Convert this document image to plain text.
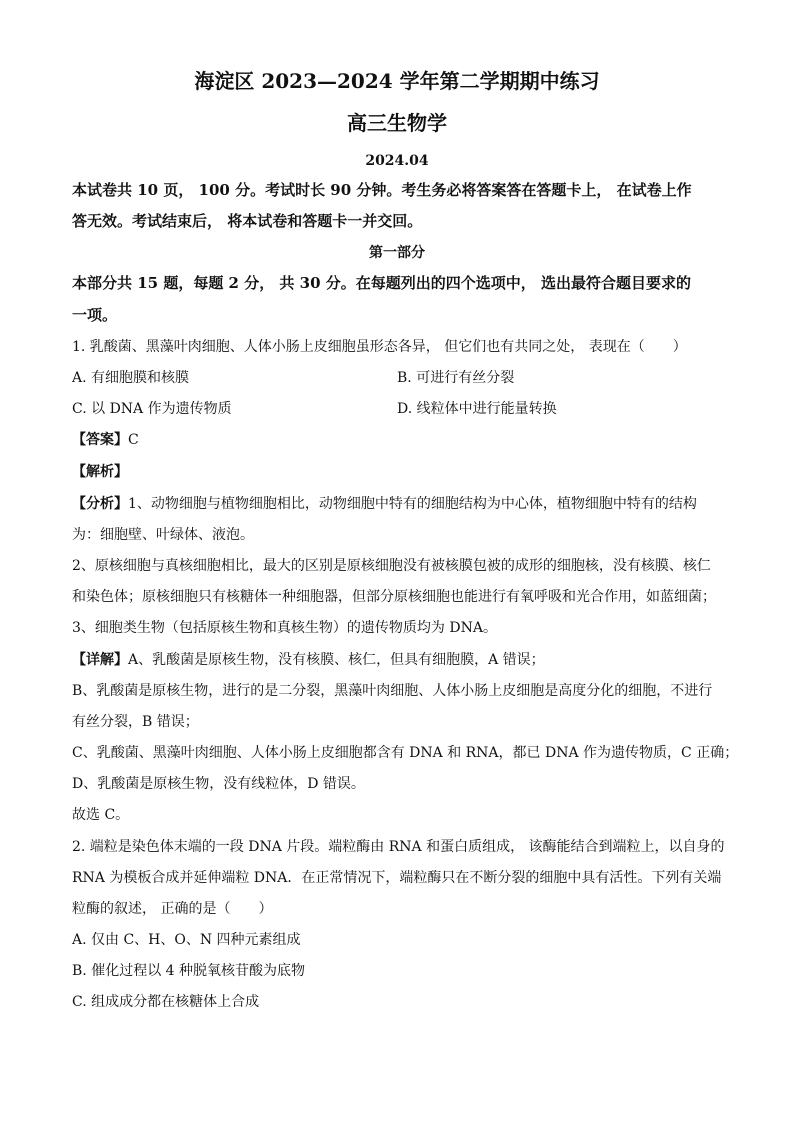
海淀区 2023—2024 学年第二学期期中练习
高三生物学
2024.04
本试卷共 10 页， 100 分。考试时长 90 分钟。考生务必将答案答在答题卡上， 在试卷上作
答无效。考试结束后， 将本试卷和答题卡一并交回。
第一部分
本部分共 15 题，每题 2 分， 共 30 分。在每题列出的四个选项中， 选出最符合题目要求的
一项。
1. 乳酸菌、黑藻叶肉细胞、人体小肠上皮细胞虽形态各异， 但它们也有共同之处， 表现在（　　）
A. 有细胞膜和核膜	B. 可进行有丝分裂
C. 以 DNA 作为遗传物质	D. 线粒体中进行能量转换
【答案】C
【解析】
【分析】1、动物细胞与植物细胞相比，动物细胞中特有的细胞结构为中心体，植物细胞中特有的结构
为：细胞壁、叶绿体、液泡。
2、原核细胞与真核细胞相比，最大的区别是原核细胞没有被核膜包被的成形的细胞核，没有核膜、核仁
和染色体；原核细胞只有核糖体一种细胞器，但部分原核细胞也能进行有氧呼吸和光合作用，如蓝细菌；
3、细胞类生物（包括原核生物和真核生物）的遗传物质均为 DNA。
【详解】A、乳酸菌是原核生物，没有核膜、核仁，但具有细胞膜，A 错误；
B、乳酸菌是原核生物，进行的是二分裂，黑藻叶肉细胞、人体小肠上皮细胞是高度分化的细胞，不进行
有丝分裂，B 错误；
C、乳酸菌、黑藻叶肉细胞、人体小肠上皮细胞都含有 DNA 和 RNA，都已 DNA 作为遗传物质，C 正确；
D、乳酸菌是原核生物，没有线粒体，D 错误。
故选 C。
2. 端粒是染色体末端的一段 DNA 片段。端粒酶由 RNA 和蛋白质组成， 该酶能结合到端粒上，以自身的
RNA 为模板合成并延伸端粒 DNA．在正常情况下，端粒酶只在不断分裂的细胞中具有活性。下列有关端
粒酶的叙述， 正确的是（　　）
A. 仅由 C、H、O、N 四种元素组成
B. 催化过程以 4 种脱氧核苷酸为底物
C. 组成成分都在核糖体上合成
